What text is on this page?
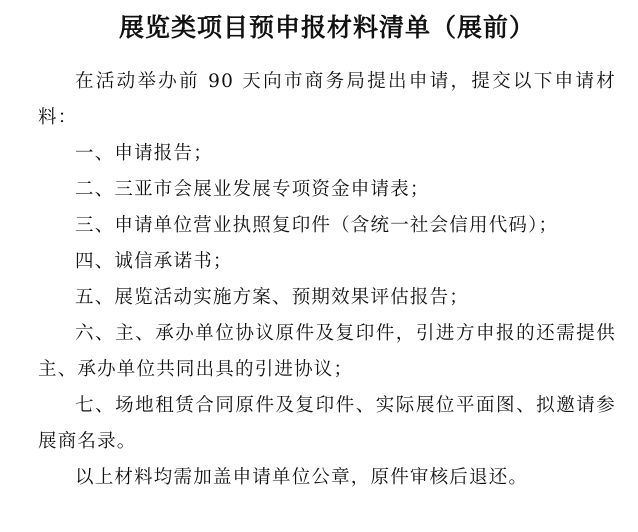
展览类项目预申报材料清单（展前）

在活动举办前 90 天向市商务局提出申请，提交以下申请材料：

一、申请报告；

二、三亚市会展业发展专项资金申请表；

三、申请单位营业执照复印件（含统一社会信用代码）；

四、诚信承诺书；

五、展览活动实施方案、预期效果评估报告；

六、主、承办单位协议原件及复印件，引进方申报的还需提供主、承办单位共同出具的引进协议；

七、场地租赁合同原件及复印件、实际展位平面图、拟邀请参展商名录。

以上材料均需加盖申请单位公章，原件审核后退还。
